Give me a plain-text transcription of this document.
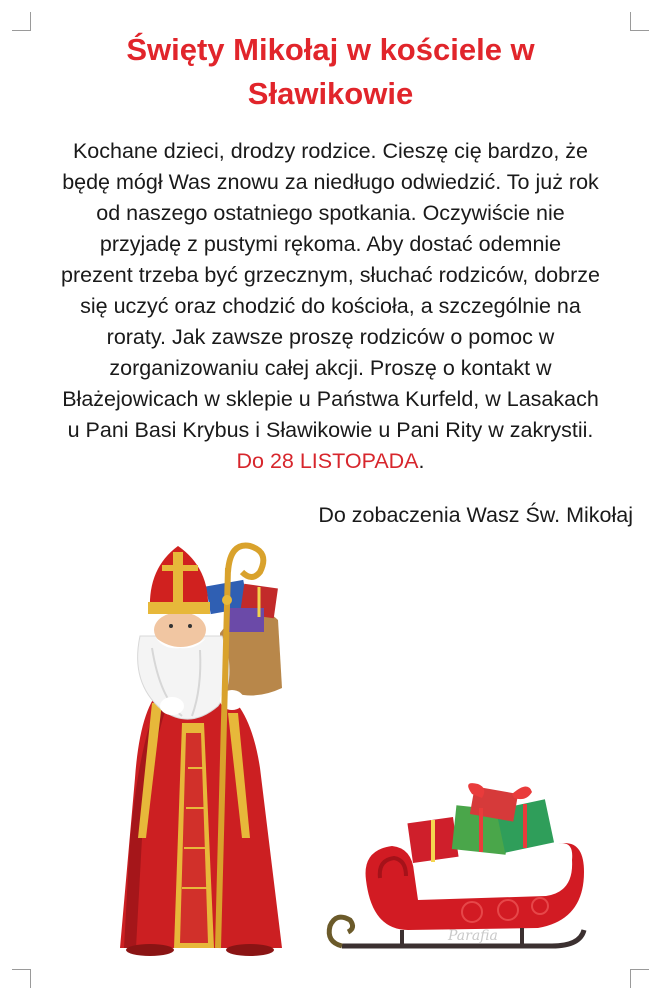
Święty Mikołaj w kościele w
Sławikowie
Kochane dzieci, drodzy rodzice. Cieszę cię bardzo, że
będę mógł Was znowu za niedługo odwiedzić. To już rok
od naszego ostatniego spotkania. Oczywiście nie
przyjadę z pustymi rękoma. Aby dostać odemnie
prezent trzeba być grzecznym, słuchać rodziców, dobrze
się uczyć oraz chodzić do kościoła, a szczególnie na
roraty. Jak zawsze proszę rodziców o pomoc w
zorganizowaniu całej akcji. Proszę o kontakt w
Błażejowicach w sklepie u Państwa Kurfeld, w Lasakach
u Pani Basi Krybus i Sławikowie u Pani Rity w zakrystii.
Do 28 LISTOPADA.
Do zobaczenia Wasz Św. Mikołaj
Parafia
